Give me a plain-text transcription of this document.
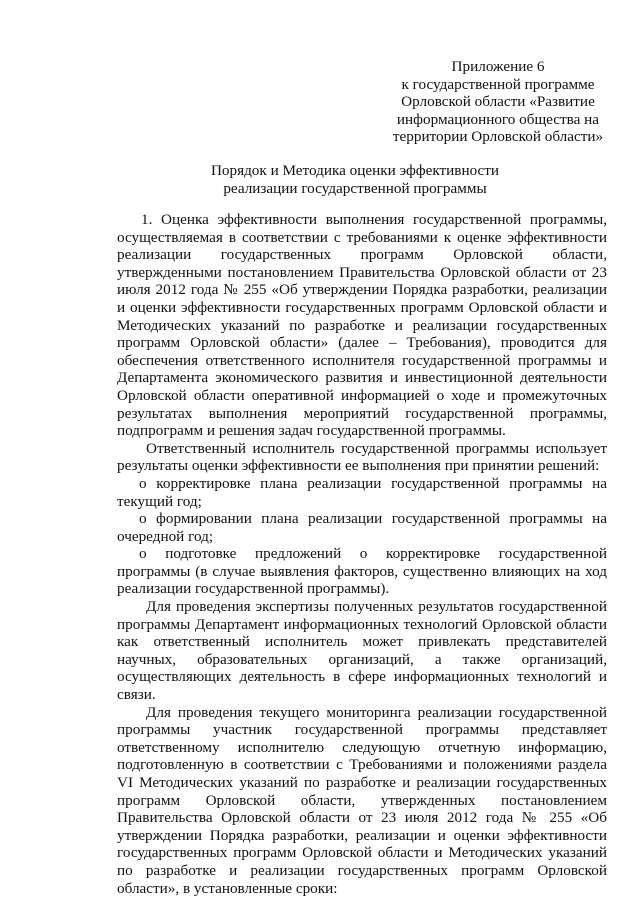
Приложение 6
к государственной программе
Орловской области «Развитие
информационного общества на
территории Орловской области»
Порядок и Методика оценки эффективности
реализации государственной программы

1. Оценка эффективности выполнения государственной программы, осуществляемая в соответствии с требованиями к оценке эффективности реализации государственных программ Орловской области, утвержденными постановлением Правительства Орловской области от 23 июля 2012 года № 255 «Об утверждении Порядка разработки, реализации и оценки эффективности государственных программ Орловской области и Методических указаний по разработке и реализации государственных программ Орловской области» (далее – Требования), проводится для обеспечения ответственного исполнителя государственной программы и Департамента экономического развития и инвестиционной деятельности Орловской области оперативной информацией о ходе и промежуточных результатах выполнения мероприятий государственной программы, подпрограмм и решения задач государственной программы.

Ответственный исполнитель государственной программы использует результаты оценки эффективности ее выполнения при принятии решений:

о корректировке плана реализации государственной программы на текущий год;

о формировании плана реализации государственной программы на очередной год;

о подготовке предложений о корректировке государственной программы (в случае выявления факторов, существенно влияющих на ход реализации государственной программы).

Для проведения экспертизы полученных результатов государственной программы Департамент информационных технологий Орловской области как ответственный исполнитель может привлекать представителей научных, образовательных организаций, а также организаций, осуществляющих деятельность в сфере информационных технологий и связи.

Для проведения текущего мониторинга реализации государственной программы участник государственной программы представляет ответственному исполнителю следующую отчетную информацию, подготовленную в соответствии с Требованиями и положениями раздела VI Методических указаний по разработке и реализации государственных программ Орловской области, утвержденных постановлением Правительства Орловской области от 23 июля 2012 года № 255 «Об утверждении Порядка разработки, реализации и оценки эффективности государственных программ Орловской области и Методических указаний по разработке и реализации государственных программ Орловской области», в установленные сроки:
